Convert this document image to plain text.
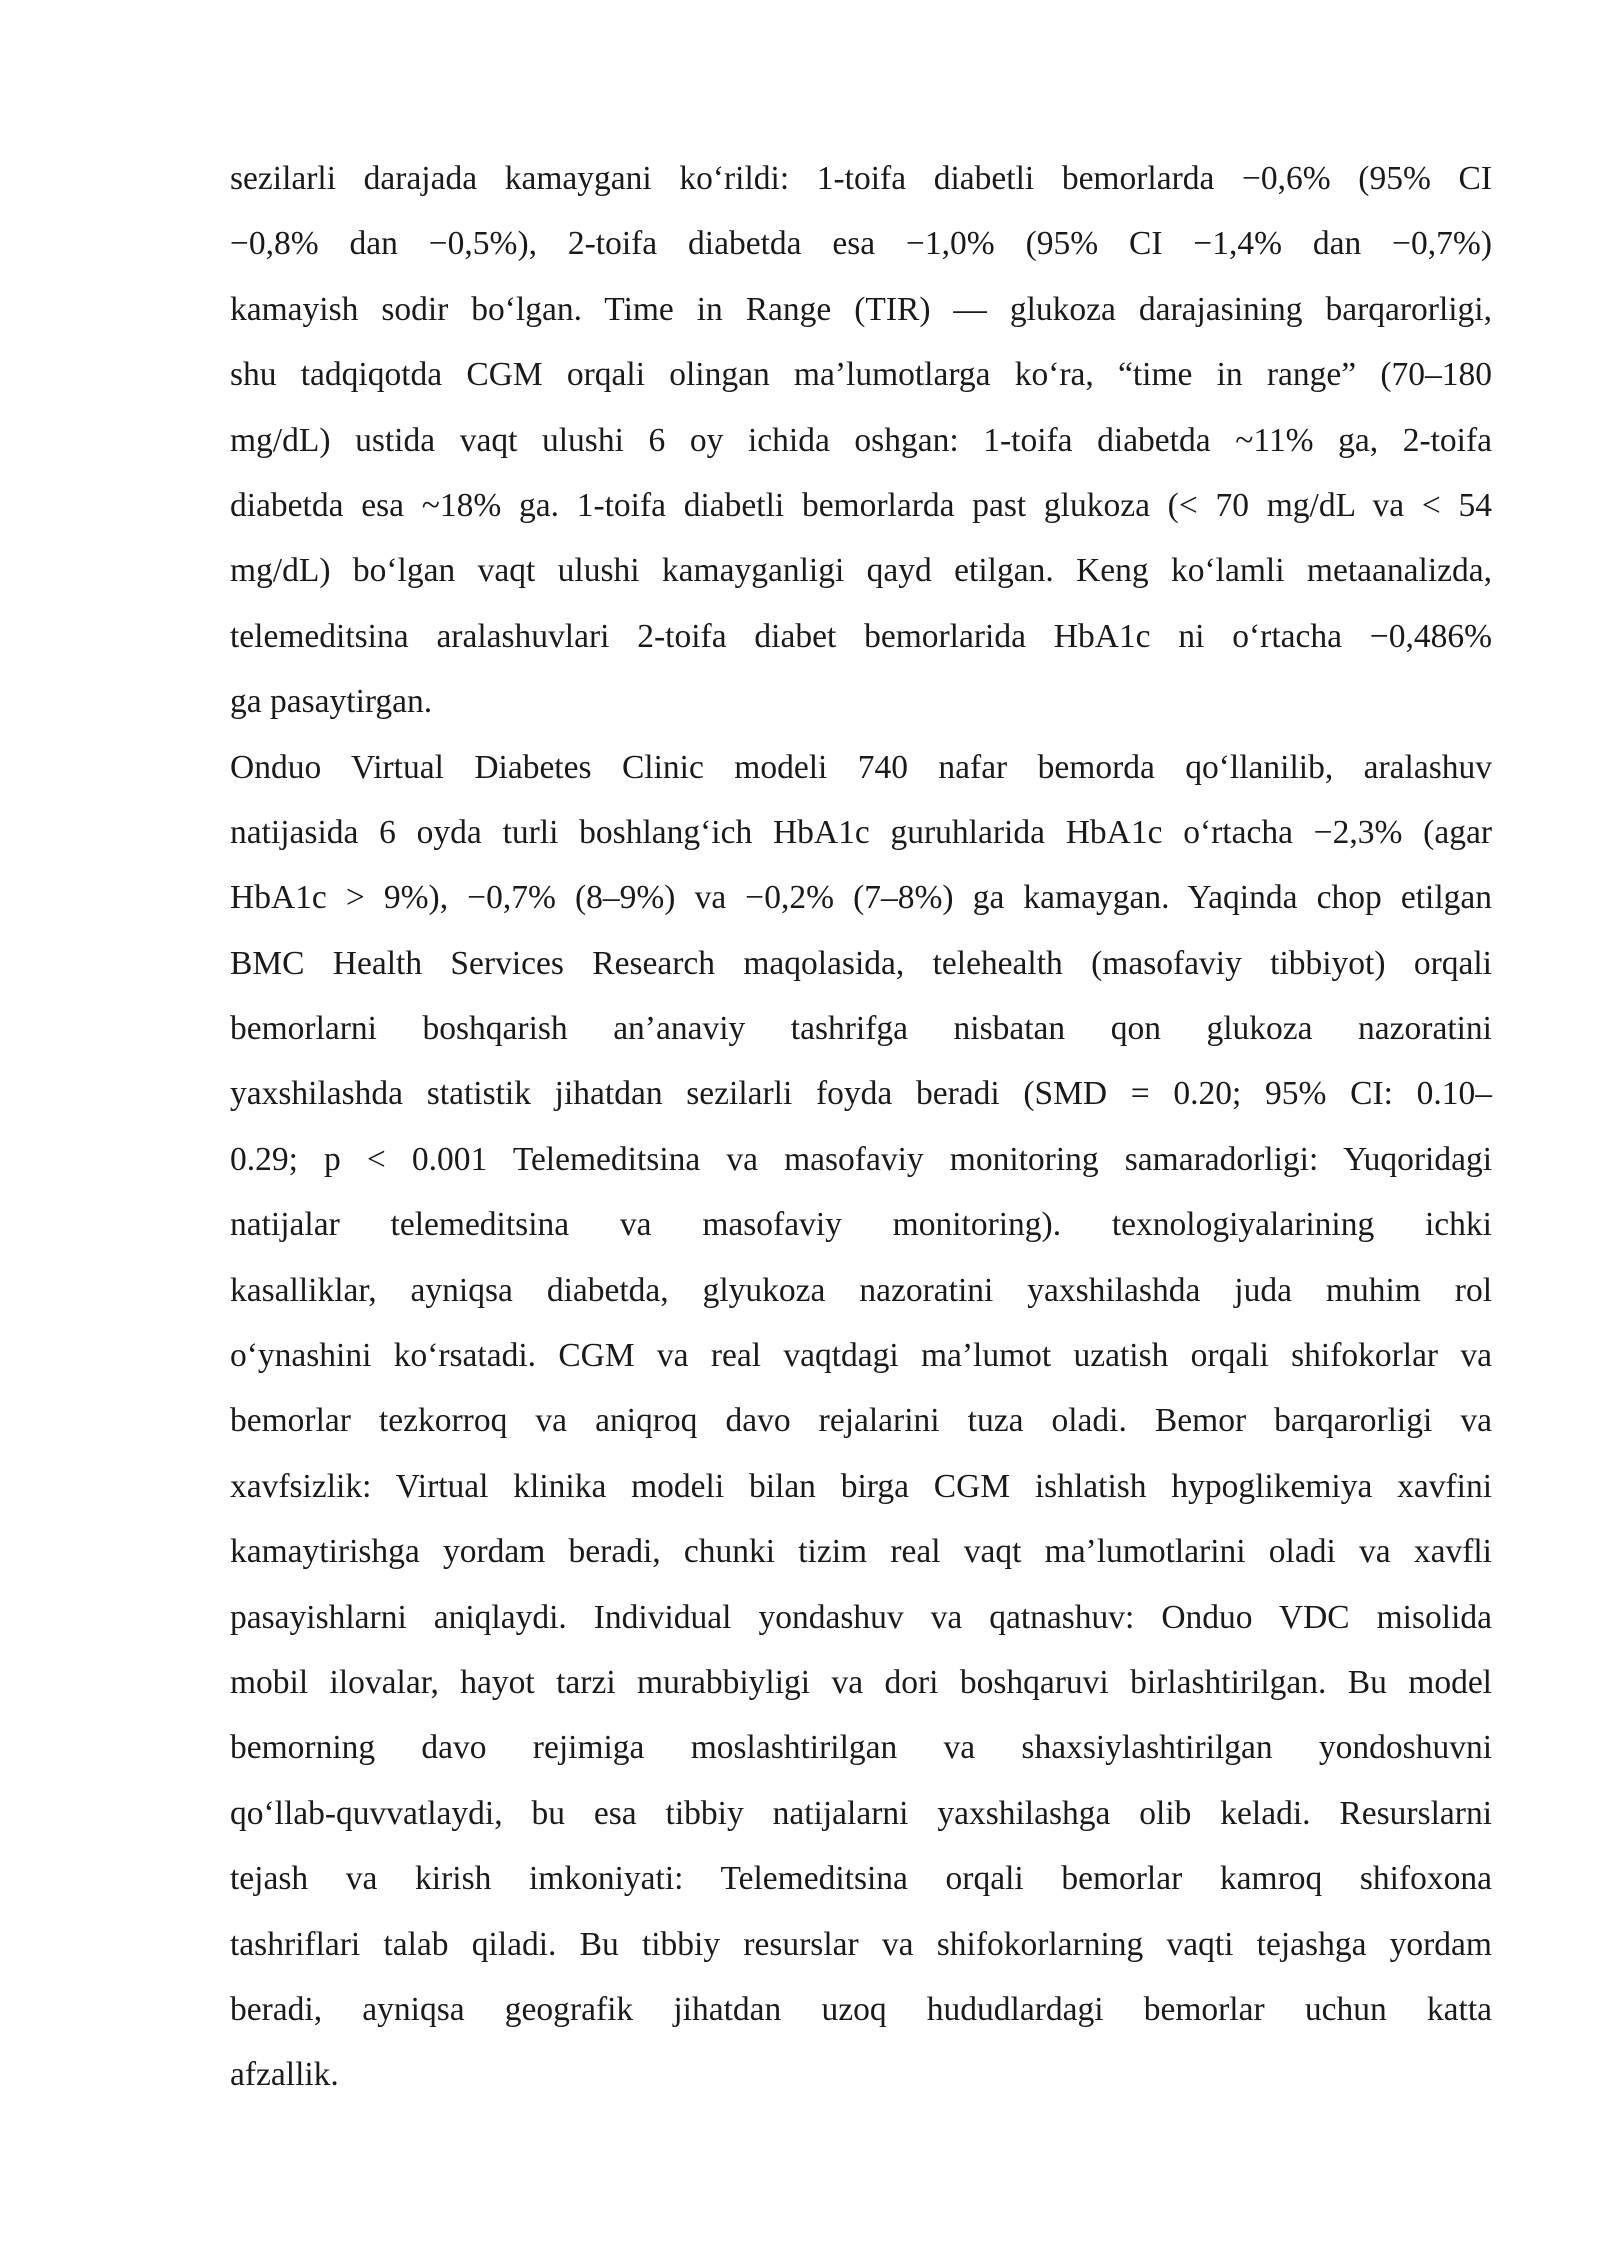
sezilarli darajada kamaygani ko‘rildi: 1-toifa diabetli bemorlarda −0,6% (95% CI
−0,8% dan −0,5%), 2-toifa diabetda esa −1,0% (95% CI −1,4% dan −0,7%)
kamayish sodir bo‘lgan. Time in Range (TIR) — glukoza darajasining barqarorligi,
shu tadqiqotda CGM orqali olingan ma’lumotlarga ko‘ra, “time in range” (70–180
mg/dL) ustida vaqt ulushi 6 oy ichida oshgan: 1-toifa diabetda ~11% ga, 2-toifa
diabetda esa ~18% ga. 1-toifa diabetli bemorlarda past glukoza (< 70 mg/dL va < 54
mg/dL) bo‘lgan vaqt ulushi kamayganligi qayd etilgan. Keng ko‘lamli metaanalizda,
telemeditsina aralashuvlari 2-toifa diabet bemorlarida HbA1c ni o‘rtacha −0,486%
ga pasaytirgan.
Onduo Virtual Diabetes Clinic modeli 740 nafar bemorda qo‘llanilib, aralashuv
natijasida 6 oyda turli boshlang‘ich HbA1c guruhlarida HbA1c o‘rtacha −2,3% (agar
HbA1c > 9%), −0,7% (8–9%) va −0,2% (7–8%) ga kamaygan. Yaqinda chop etilgan
BMC Health Services Research maqolasida, telehealth (masofaviy tibbiyot) orqali
bemorlarni boshqarish an’anaviy tashrifga nisbatan qon glukoza nazoratini
yaxshilashda statistik jihatdan sezilarli foyda beradi (SMD = 0.20; 95% CI: 0.10–
0.29; p < 0.001 Telemeditsina va masofaviy monitoring samaradorligi: Yuqoridagi
natijalar telemeditsina va masofaviy monitoring). texnologiyalarining ichki
kasalliklar, ayniqsa diabetda, glyukoza nazoratini yaxshilashda juda muhim rol
o‘ynashini ko‘rsatadi. CGM va real vaqtdagi ma’lumot uzatish orqali shifokorlar va
bemorlar tezkorroq va aniqroq davo rejalarini tuza oladi. Bemor barqarorligi va
xavfsizlik: Virtual klinika modeli bilan birga CGM ishlatish hypoglikemiya xavfini
kamaytirishga yordam beradi, chunki tizim real vaqt ma’lumotlarini oladi va xavfli
pasayishlarni aniqlaydi. Individual yondashuv va qatnashuv: Onduo VDC misolida
mobil ilovalar, hayot tarzi murabbiyligi va dori boshqaruvi birlashtirilgan. Bu model
bemorning davo rejimiga moslashtirilgan va shaxsiylashtirilgan yondoshuvni
qo‘llab-quvvatlaydi, bu esa tibbiy natijalarni yaxshilashga olib keladi. Resurslarni
tejash va kirish imkoniyati: Telemeditsina orqali bemorlar kamroq shifoxona
tashriflari talab qiladi. Bu tibbiy resurslar va shifokorlarning vaqti tejashga yordam
beradi, ayniqsa geografik jihatdan uzoq hududlardagi bemorlar uchun katta
afzallik.
